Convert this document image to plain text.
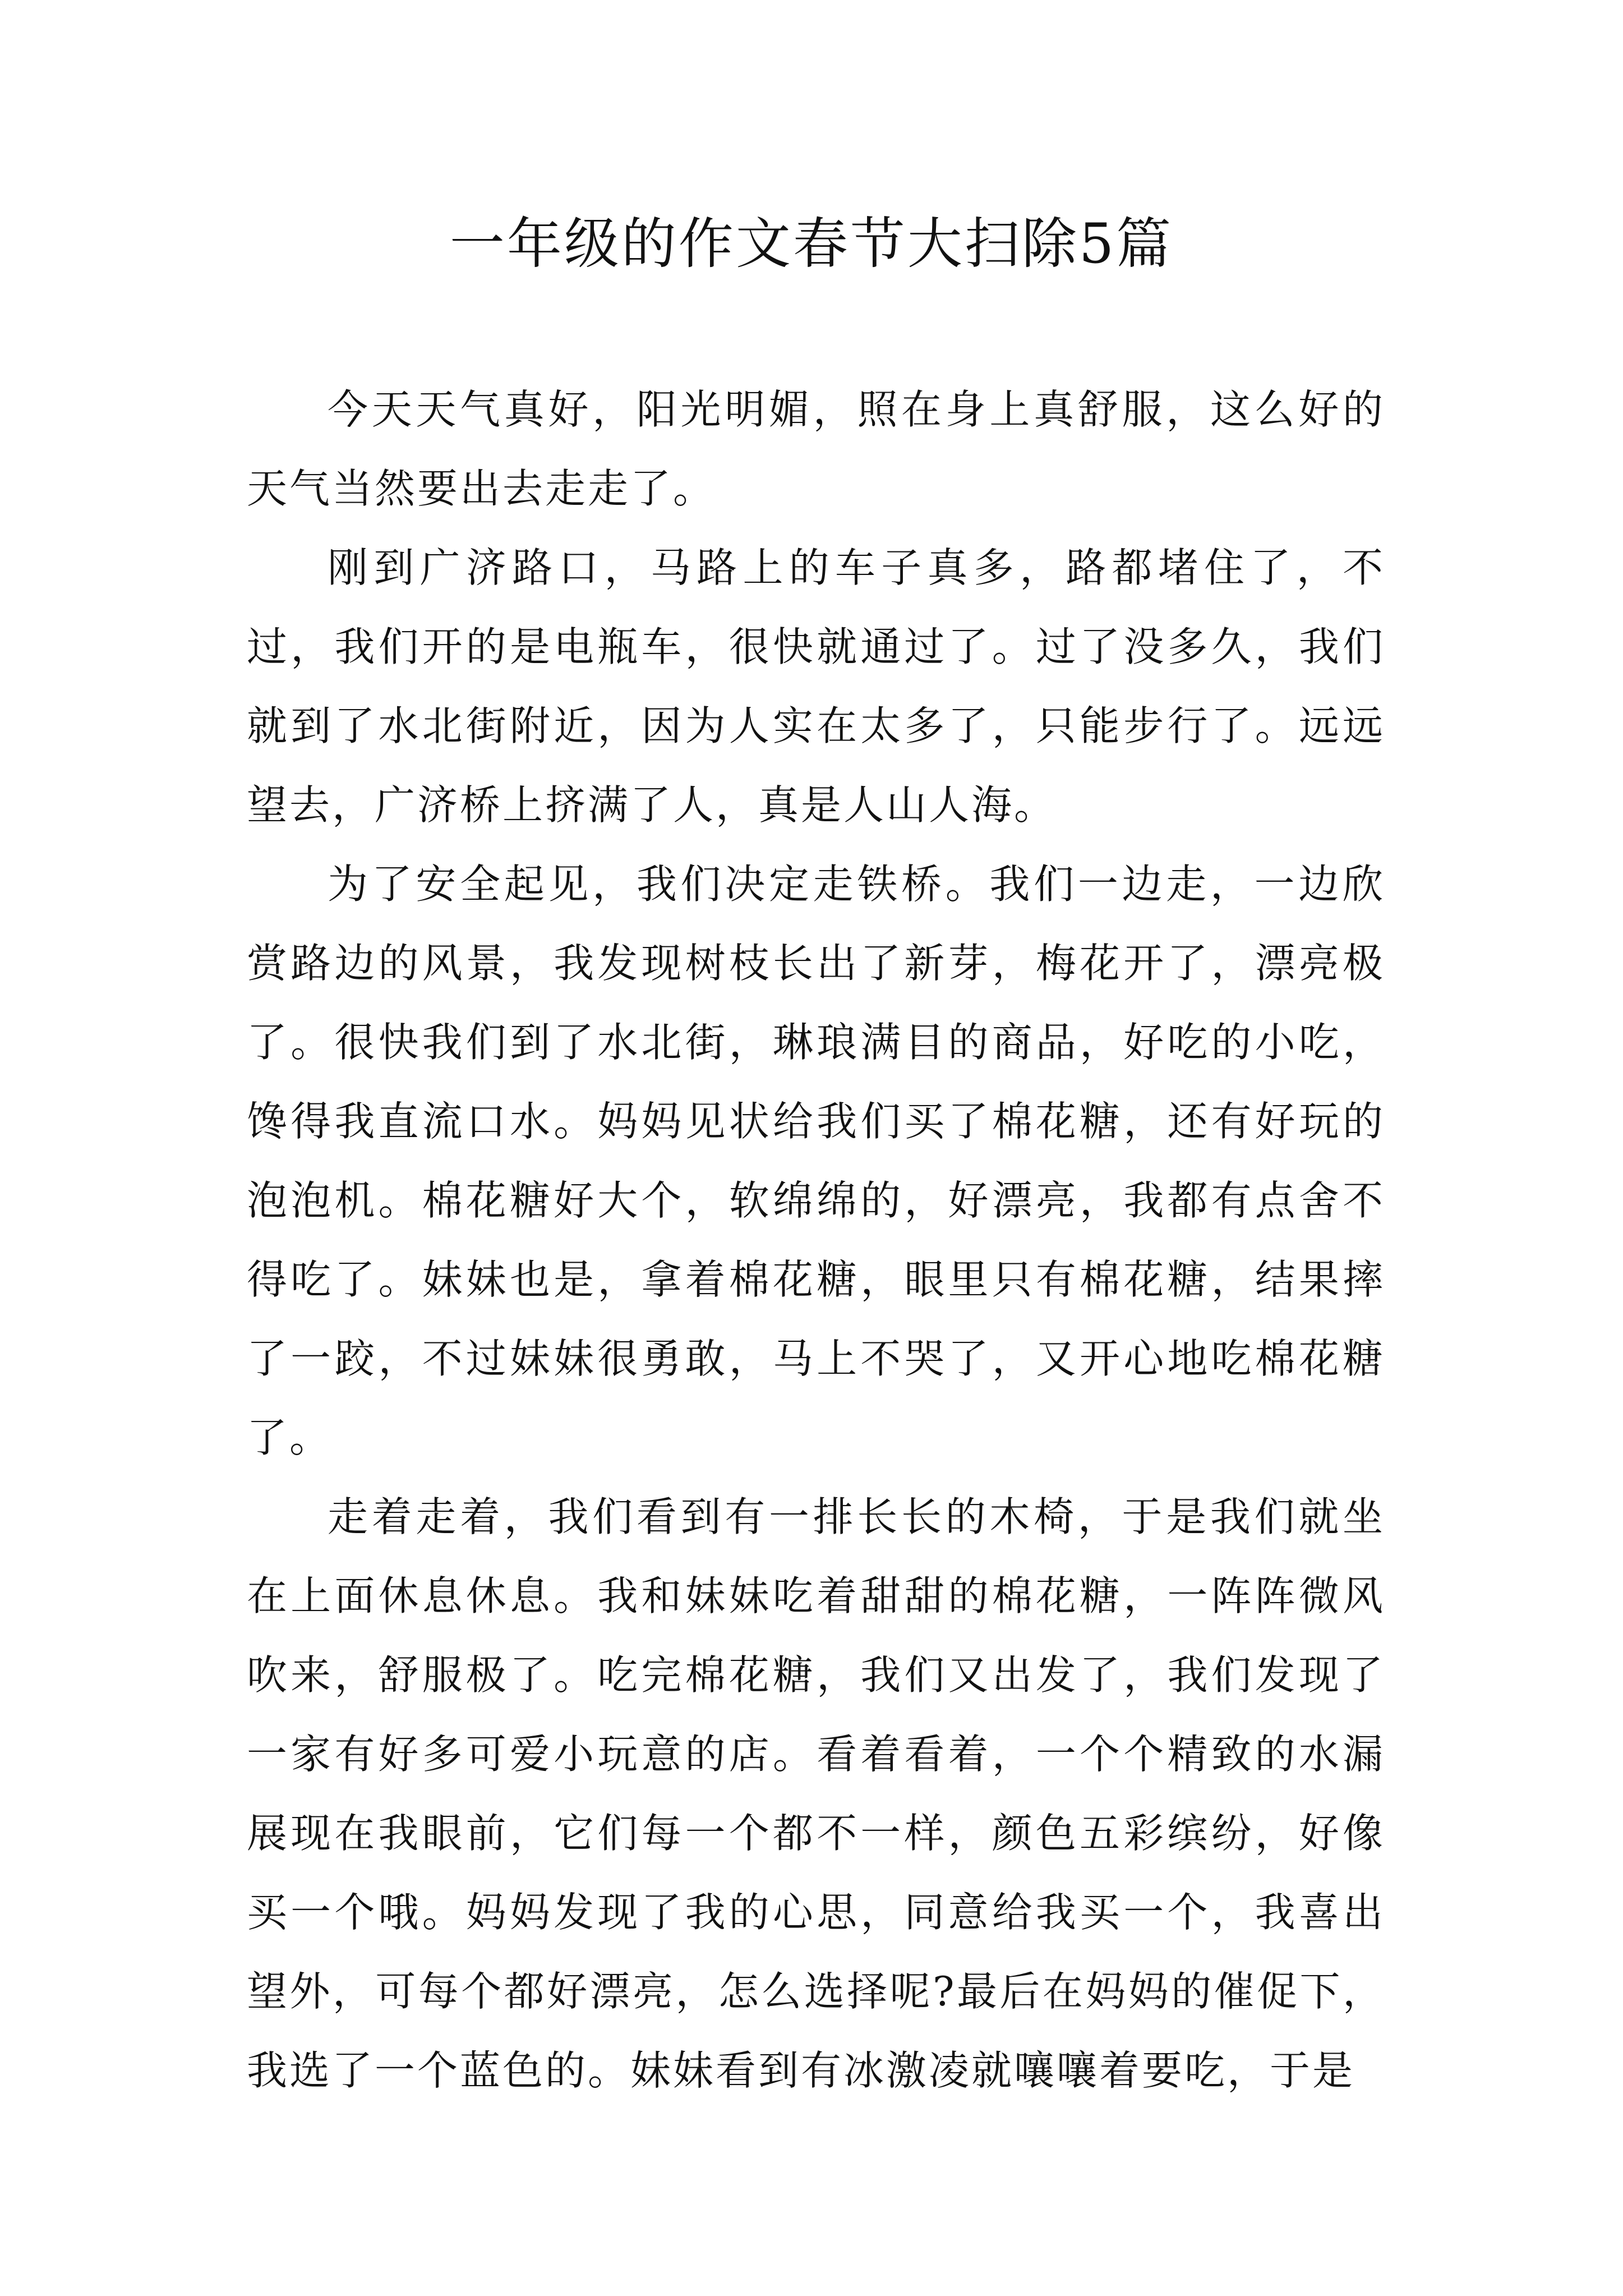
一年级的作文春节大扫除5篇

今天天气真好，阳光明媚，照在身上真舒服，这么好的天气当然要出去走走了。

刚到广济路口，马路上的车子真多，路都堵住了，不过，我们开的是电瓶车，很快就通过了。过了没多久，我们就到了水北街附近，因为人实在太多了，只能步行了。远远望去，广济桥上挤满了人，真是人山人海。

为了安全起见，我们决定走铁桥。我们一边走，一边欣赏路边的风景，我发现树枝长出了新芽，梅花开了，漂亮极了。很快我们到了水北街，琳琅满目的商品，好吃的小吃，馋得我直流口水。妈妈见状给我们买了棉花糖，还有好玩的泡泡机。棉花糖好大个，软绵绵的，好漂亮，我都有点舍不得吃了。妹妹也是，拿着棉花糖，眼里只有棉花糖，结果摔了一跤，不过妹妹很勇敢，马上不哭了，又开心地吃棉花糖了。

走着走着，我们看到有一排长长的木椅，于是我们就坐在上面休息休息。我和妹妹吃着甜甜的棉花糖，一阵阵微风吹来，舒服极了。吃完棉花糖，我们又出发了，我们发现了一家有好多可爱小玩意的店。看着看着，一个个精致的水漏展现在我眼前，它们每一个都不一样，颜色五彩缤纷，好像买一个哦。妈妈发现了我的心思，同意给我买一个，我喜出望外，可每个都好漂亮，怎么选择呢?最后在妈妈的催促下，我选了一个蓝色的。妹妹看到有冰激凌就嚷嚷着要吃，于是
